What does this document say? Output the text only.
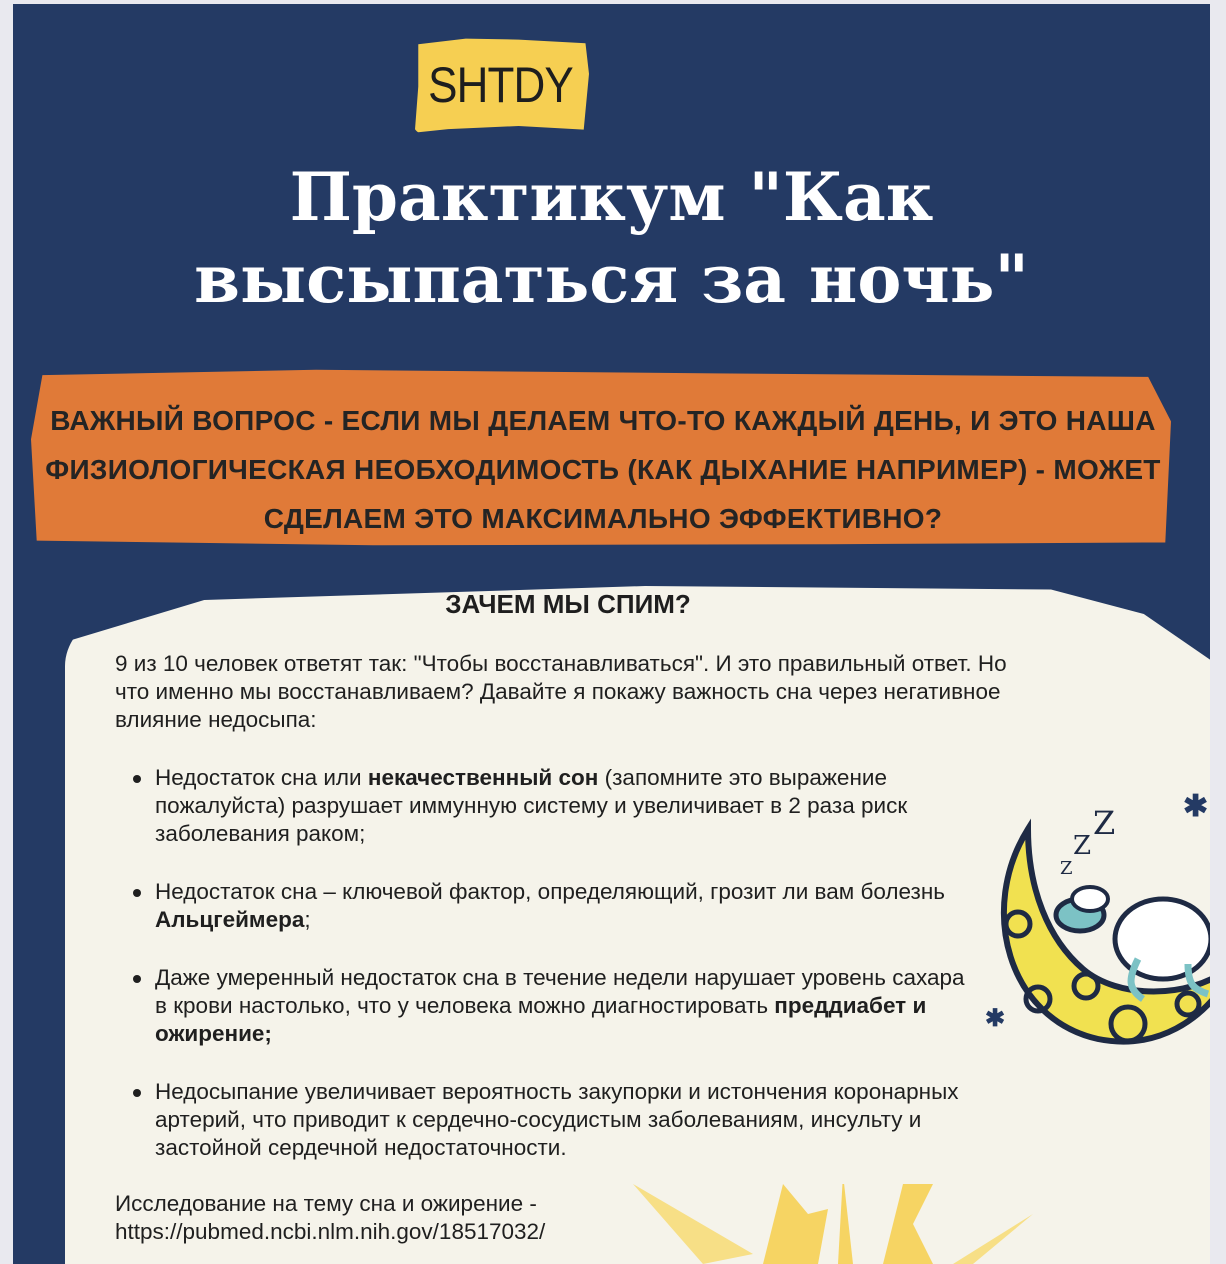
SHTDY
Практикум "Как
высыпаться за ночь"
ВАЖНЫЙ ВОПРОС - ЕСЛИ МЫ ДЕЛАЕМ ЧТО-ТО КАЖДЫЙ ДЕНЬ, И ЭТО НАША ФИЗИОЛОГИЧЕСКАЯ НЕОБХОДИМОСТЬ (КАК ДЫХАНИЕ НАПРИМЕР) - МОЖЕТ СДЕЛАЕМ ЭТО МАКСИМАЛЬНО ЭФФЕКТИВНО?
ЗАЧЕМ МЫ СПИМ?
9 из 10 человек ответят так: "Чтобы восстанавливаться". И это правильный ответ. Но что именно мы восстанавливаем? Давайте я покажу важность сна через негативное влияние недосыпа:
Недостаток сна или некачественный сон (запомните это выражение пожалуйста) разрушает иммунную систему и увеличивает в 2 раза риск заболевания раком;
Недостаток сна – ключевой фактор, определяющий, грозит ли вам болезнь Альцгеймера;
Даже умеренный недостаток сна в течение недели нарушает уровень сахара в крови настолько, что у человека можно диагностировать преддиабет и ожирение;
Недосыпание увеличивает вероятность закупорки и истончения коронарных артерий, что приводит к сердечно-сосудистым заболеваниям, инсульту и застойной сердечной недостаточности.
Исследование на тему сна и ожирение -
https://pubmed.ncbi.nlm.nih.gov/18517032/
Z
Z
Z
✱
✱
